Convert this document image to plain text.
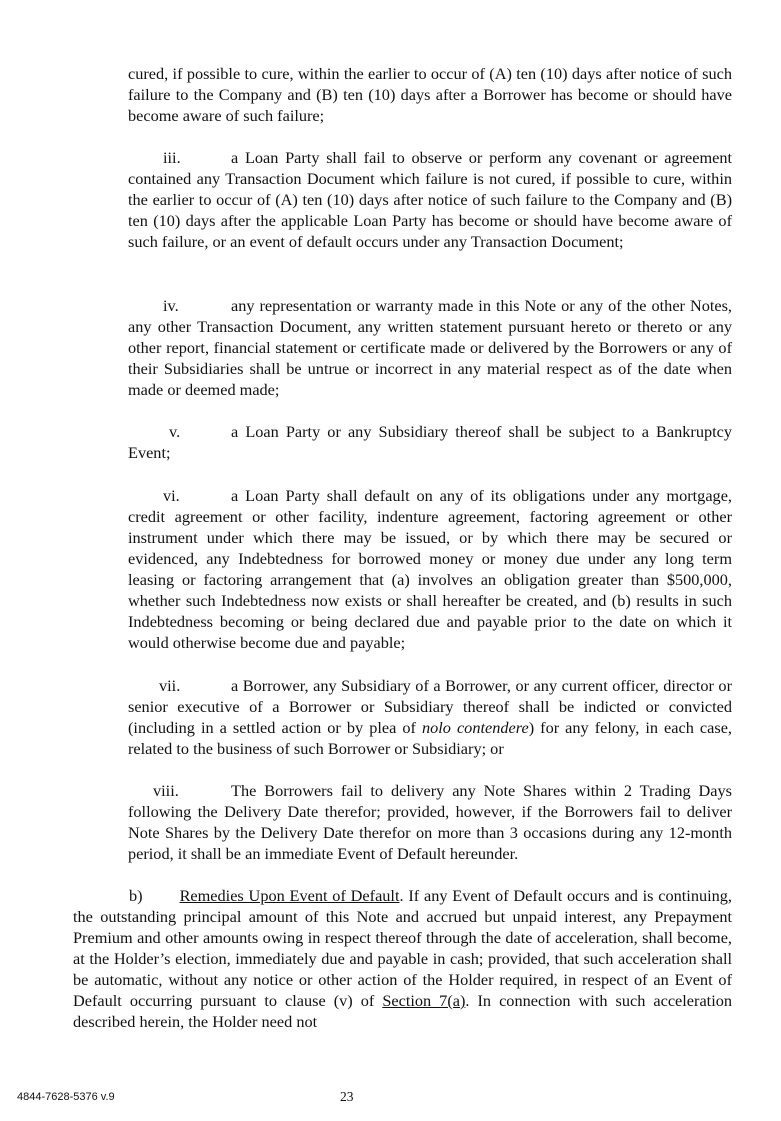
cured, if possible to cure, within the earlier to occur of (A) ten (10) days after notice of such failure to the Company and (B) ten (10) days after a Borrower has become or should have become aware of such failure;

iii.	a Loan Party shall fail to observe or perform any covenant or agreement contained any Transaction Document which failure is not cured, if possible to cure, within the earlier to occur of (A) ten (10) days after notice of such failure to the Company and (B) ten (10) days after the applicable Loan Party has become or should have become aware of such failure, or an event of default occurs under any Transaction Document;

iv.	any representation or warranty made in this Note or any of the other Notes, any other Transaction Document, any written statement pursuant hereto or thereto or any other report, financial statement or certificate made or delivered by the Borrowers or any of their Subsidiaries shall be untrue or incorrect in any material respect as of the date when made or deemed made;

v.	a Loan Party or any Subsidiary thereof shall be subject to a Bankruptcy Event;

vi.	a Loan Party shall default on any of its obligations under any mortgage, credit agreement or other facility, indenture agreement, factoring agreement or other instrument under which there may be issued, or by which there may be secured or evidenced, any Indebtedness for borrowed money or money due under any long term leasing or factoring arrangement that (a) involves an obligation greater than $500,000, whether such Indebtedness now exists or shall hereafter be created, and (b) results in such Indebtedness becoming or being declared due and payable prior to the date on which it would otherwise become due and payable;

vii.	a Borrower, any Subsidiary of a Borrower, or any current officer, director or senior executive of a Borrower or Subsidiary thereof shall be indicted or convicted (including in a settled action or by plea of nolo contendere) for any felony, in each case, related to the business of such Borrower or Subsidiary; or

viii.	The Borrowers fail to delivery any Note Shares within 2 Trading Days following the Delivery Date therefor; provided, however, if the Borrowers fail to deliver Note Shares by the Delivery Date therefor on more than 3 occasions during any 12-month period, it shall be an immediate Event of Default hereunder.

b) Remedies Upon Event of Default. If any Event of Default occurs and is continuing, the outstanding principal amount of this Note and accrued but unpaid interest, any Prepayment Premium and other amounts owing in respect thereof through the date of acceleration, shall become, at the Holder’s election, immediately due and payable in cash; provided, that such acceleration shall be automatic, without any notice or other action of the Holder required, in respect of an Event of Default occurring pursuant to clause (v) of Section 7(a). In connection with such acceleration described herein, the Holder need not

4844-7628-5376 v.9	23
